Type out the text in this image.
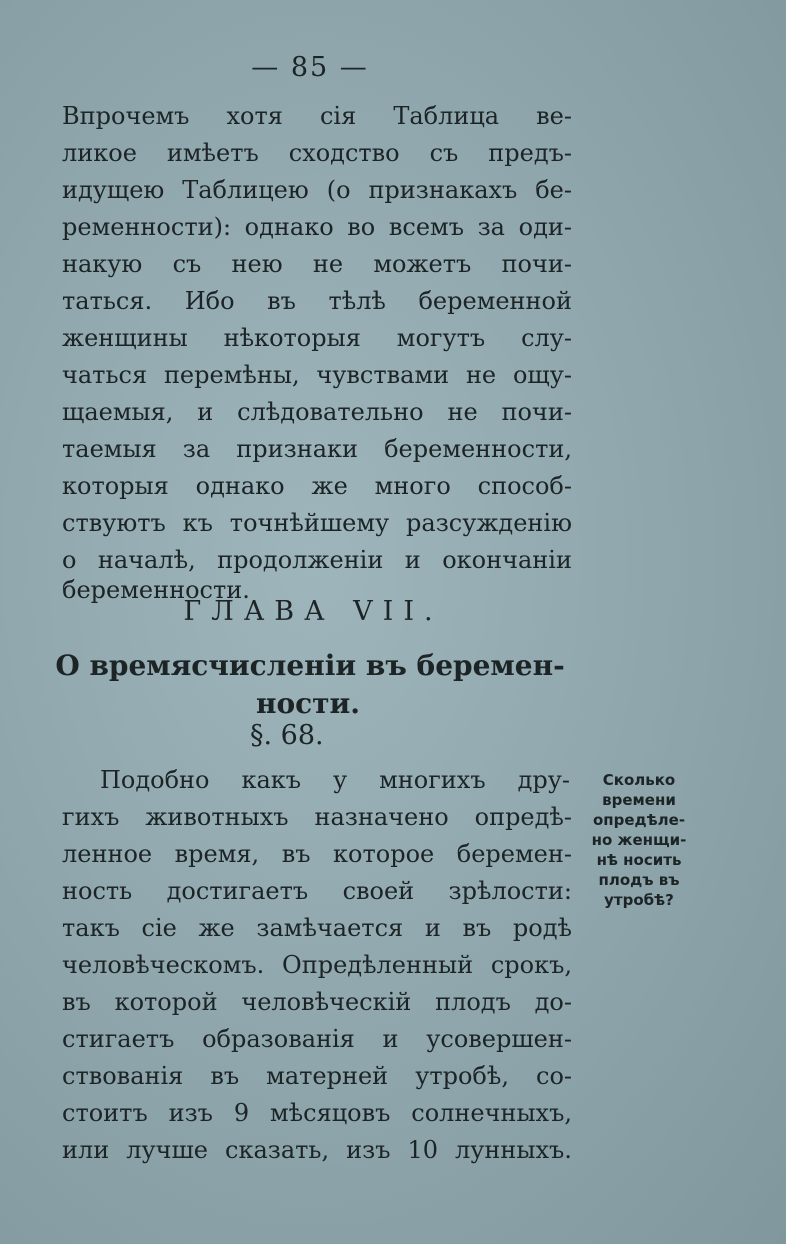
— 85 —
Впрочемъ хотя сія Таблица ве-
ликое имѣетъ сходство съ предъ-
идущею Таблицею (о признакахъ бе-
ременности): однако во всемъ за оди-
накую съ нею не можетъ почи-
таться. Ибо въ тѣлѣ беременной
женщины нѣкоторыя могутъ слу-
чаться перемѣны, чувствами не ощу-
щаемыя, и слѣдовательно не почи-
таемыя за признаки беременности,
которыя однако же много способ-
ствуютъ къ точнѣйшему разсужденію
о началѣ, продолженіи и окончаніи
беременности.
ГЛАВА VII.
О времясчисленіи въ беремен-
ности.
§. 68.
Подобно какъ у многихъ дру-
гихъ животныхъ назначено опредѣ-
ленное время, въ которое беремен-
ность достигаетъ своей зрѣлости:
такъ сіе же замѣчается и въ родѣ
человѣческомъ. Опредѣленный срокъ,
въ которой человѣческій плодъ до-
стигаетъ образованія и усовершен-
ствованія въ матерней утробѣ, со-
стоитъ изъ 9 мѣсяцовъ солнечныхъ,
или лучше сказать, изъ 10 лунныхъ.
Сколько
времени
опредѣле-
но женщи-
нѣ носить
плодъ въ
утробѣ?
